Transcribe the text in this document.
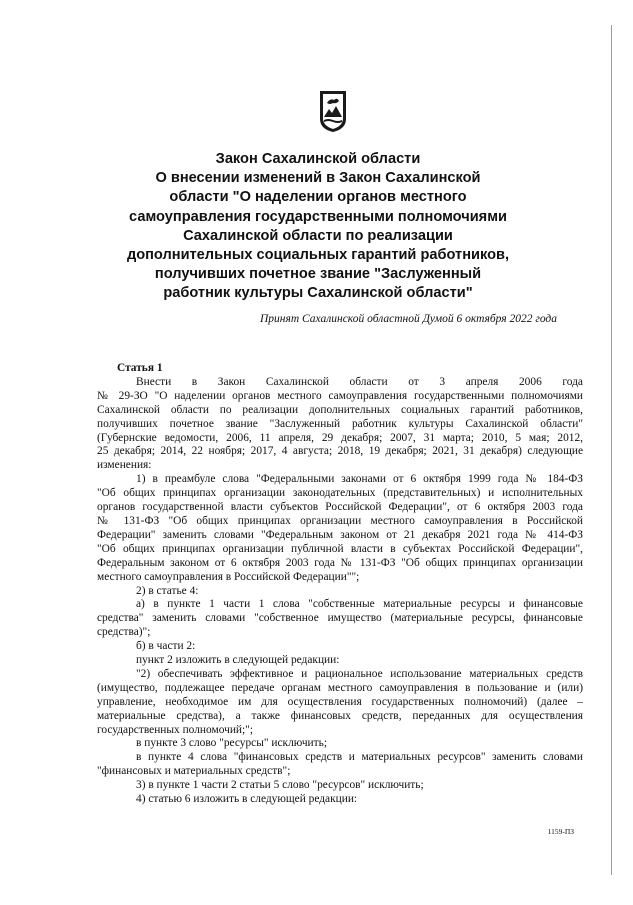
Закон Сахалинской области
О внесении изменений в Закон Сахалинской
области "О наделении органов местного
самоуправления государственными полномочиями
Сахалинской области по реализации
дополнительных социальных гарантий работников,
получивших почетное звание "Заслуженный
работник культуры Сахалинской области"
Принят Сахалинской областной Думой 6 октября 2022 года
Статья 1
Внести в Закон Сахалинской области от 3 апреля 2006 года
№ 29-ЗО "О наделении органов местного самоуправления государственными полномочиями
Сахалинской области по реализации дополнительных социальных гарантий работников,
получивших почетное звание "Заслуженный работник культуры Сахалинской области"
(Губернские ведомости, 2006, 11 апреля, 29 декабря; 2007, 31 марта; 2010, 5 мая; 2012,
25 декабря; 2014, 22 ноября; 2017, 4 августа; 2018, 19 декабря; 2021, 31 декабря) следующие
изменения:
1) в преамбуле слова "Федеральными законами от 6 октября 1999 года № 184-ФЗ
"Об общих принципах организации законодательных (представительных) и исполнительных
органов государственной власти субъектов Российской Федерации", от 6 октября 2003 года
№ 131-ФЗ "Об общих принципах организации местного самоуправления в Российской
Федерации" заменить словами "Федеральным законом от 21 декабря 2021 года № 414-ФЗ
"Об общих принципах организации публичной власти в субъектах Российской Федерации",
Федеральным законом от 6 октября 2003 года № 131-ФЗ "Об общих принципах организации
местного самоуправления в Российской Федерации"";
2) в статье 4:
а) в пункте 1 части 1 слова "собственные материальные ресурсы и финансовые
средства" заменить словами "собственное имущество (материальные ресурсы, финансовые
средства)";
б) в части 2:
пункт 2 изложить в следующей редакции:
"2) обеспечивать эффективное и рациональное использование материальных средств
(имущество, подлежащее передаче органам местного самоуправления в пользование и (или)
управление, необходимое им для осуществления государственных полномочий) (далее –
материальные средства), а также финансовых средств, переданных для осуществления
государственных полномочий;";
в пункте 3 слово "ресурсы" исключить;
в пункте 4 слова "финансовых средств и материальных ресурсов" заменить словами
"финансовых и материальных средств";
3) в пункте 1 части 2 статьи 5 слово "ресурсов" исключить;
4) статью 6 изложить в следующей редакции:
1159-ПЗ
